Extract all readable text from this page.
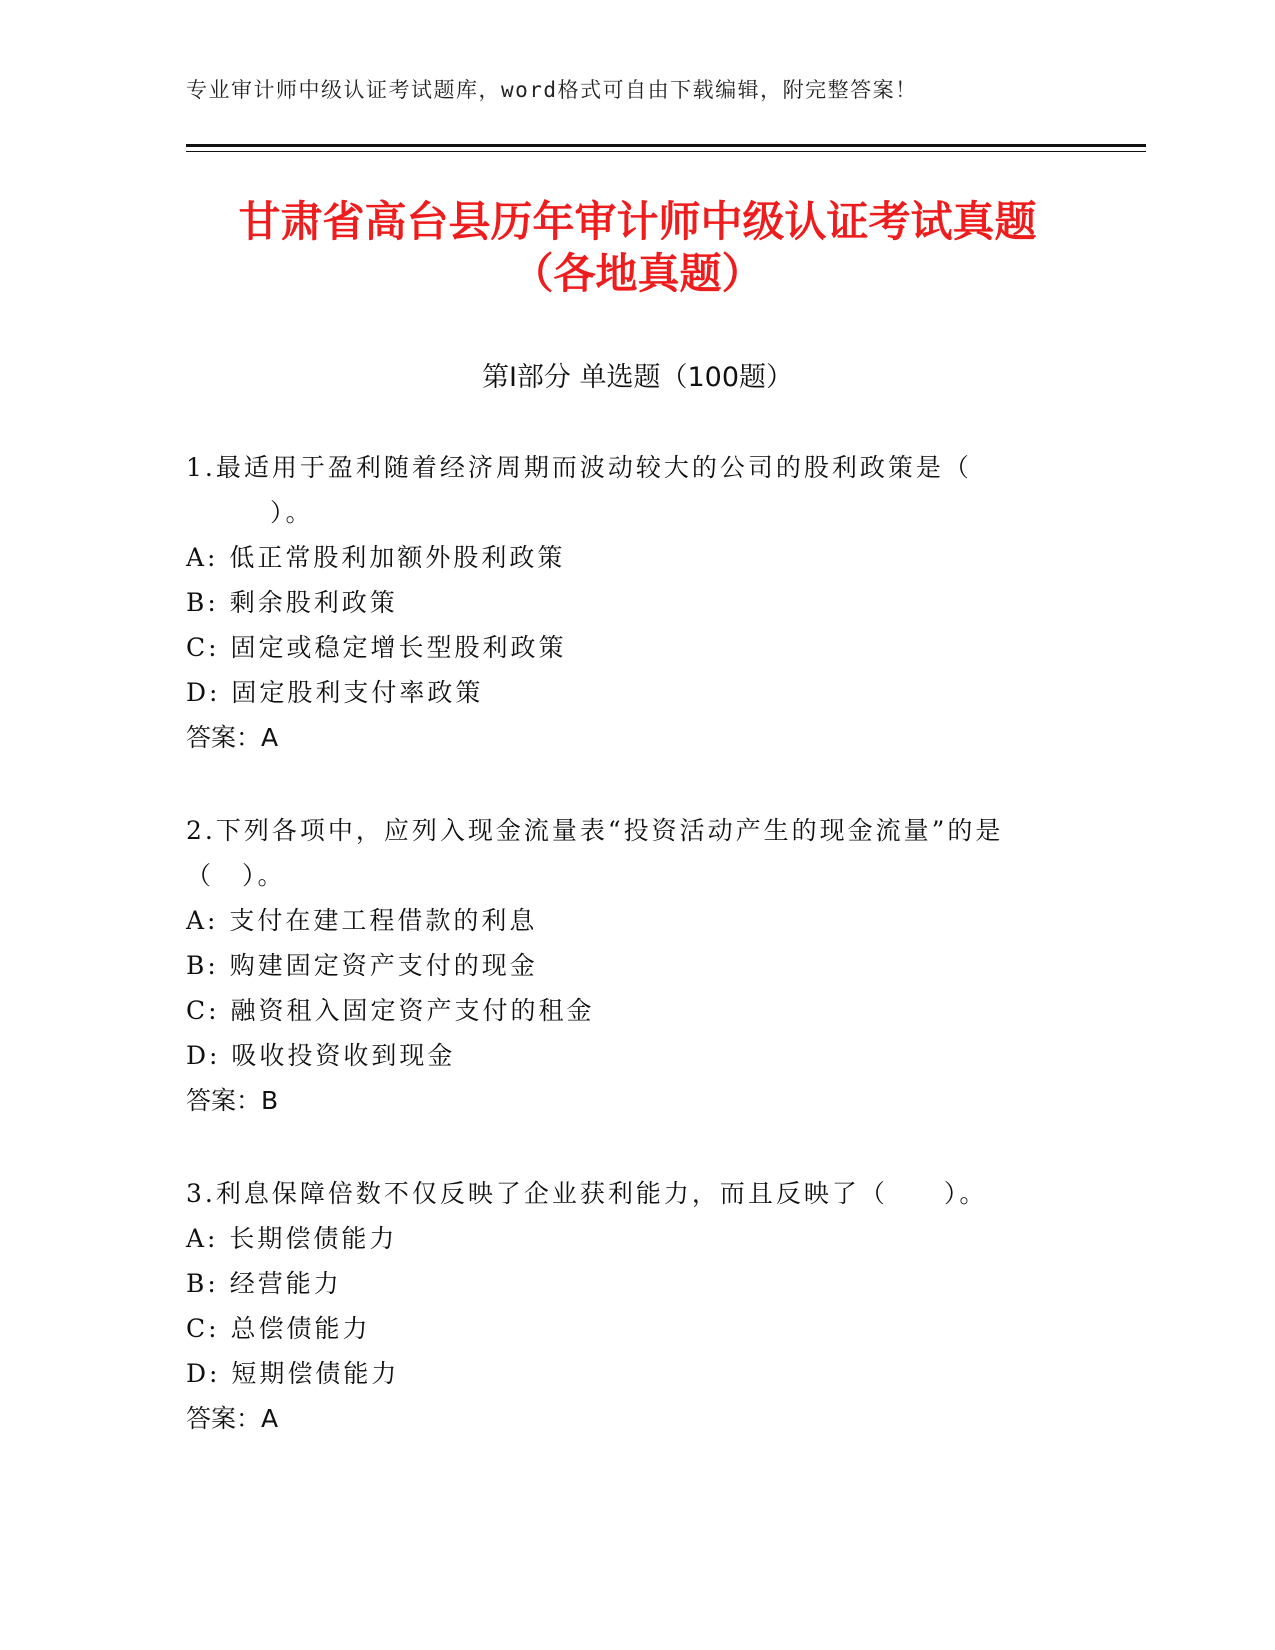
专业审计师中级认证考试题库，word格式可自由下载编辑，附完整答案！
甘肃省高台县历年审计师中级认证考试真题
（各地真题）
第Ⅰ部分 单选题（100题）
1.最适用于盈利随着经济周期而波动较大的公司的股利政策是（
　　　）。
A: 低正常股利加额外股利政策
B: 剩余股利政策
C: 固定或稳定增长型股利政策
D: 固定股利支付率政策
答案：A
2.下列各项中，应列入现金流量表“投资活动产生的现金流量”的是
（　）。
A: 支付在建工程借款的利息
B: 购建固定资产支付的现金
C: 融资租入固定资产支付的租金
D: 吸收投资收到现金
答案：B
3.利息保障倍数不仅反映了企业获利能力，而且反映了（　　）。
A: 长期偿债能力
B: 经营能力
C: 总偿债能力
D: 短期偿债能力
答案：A
